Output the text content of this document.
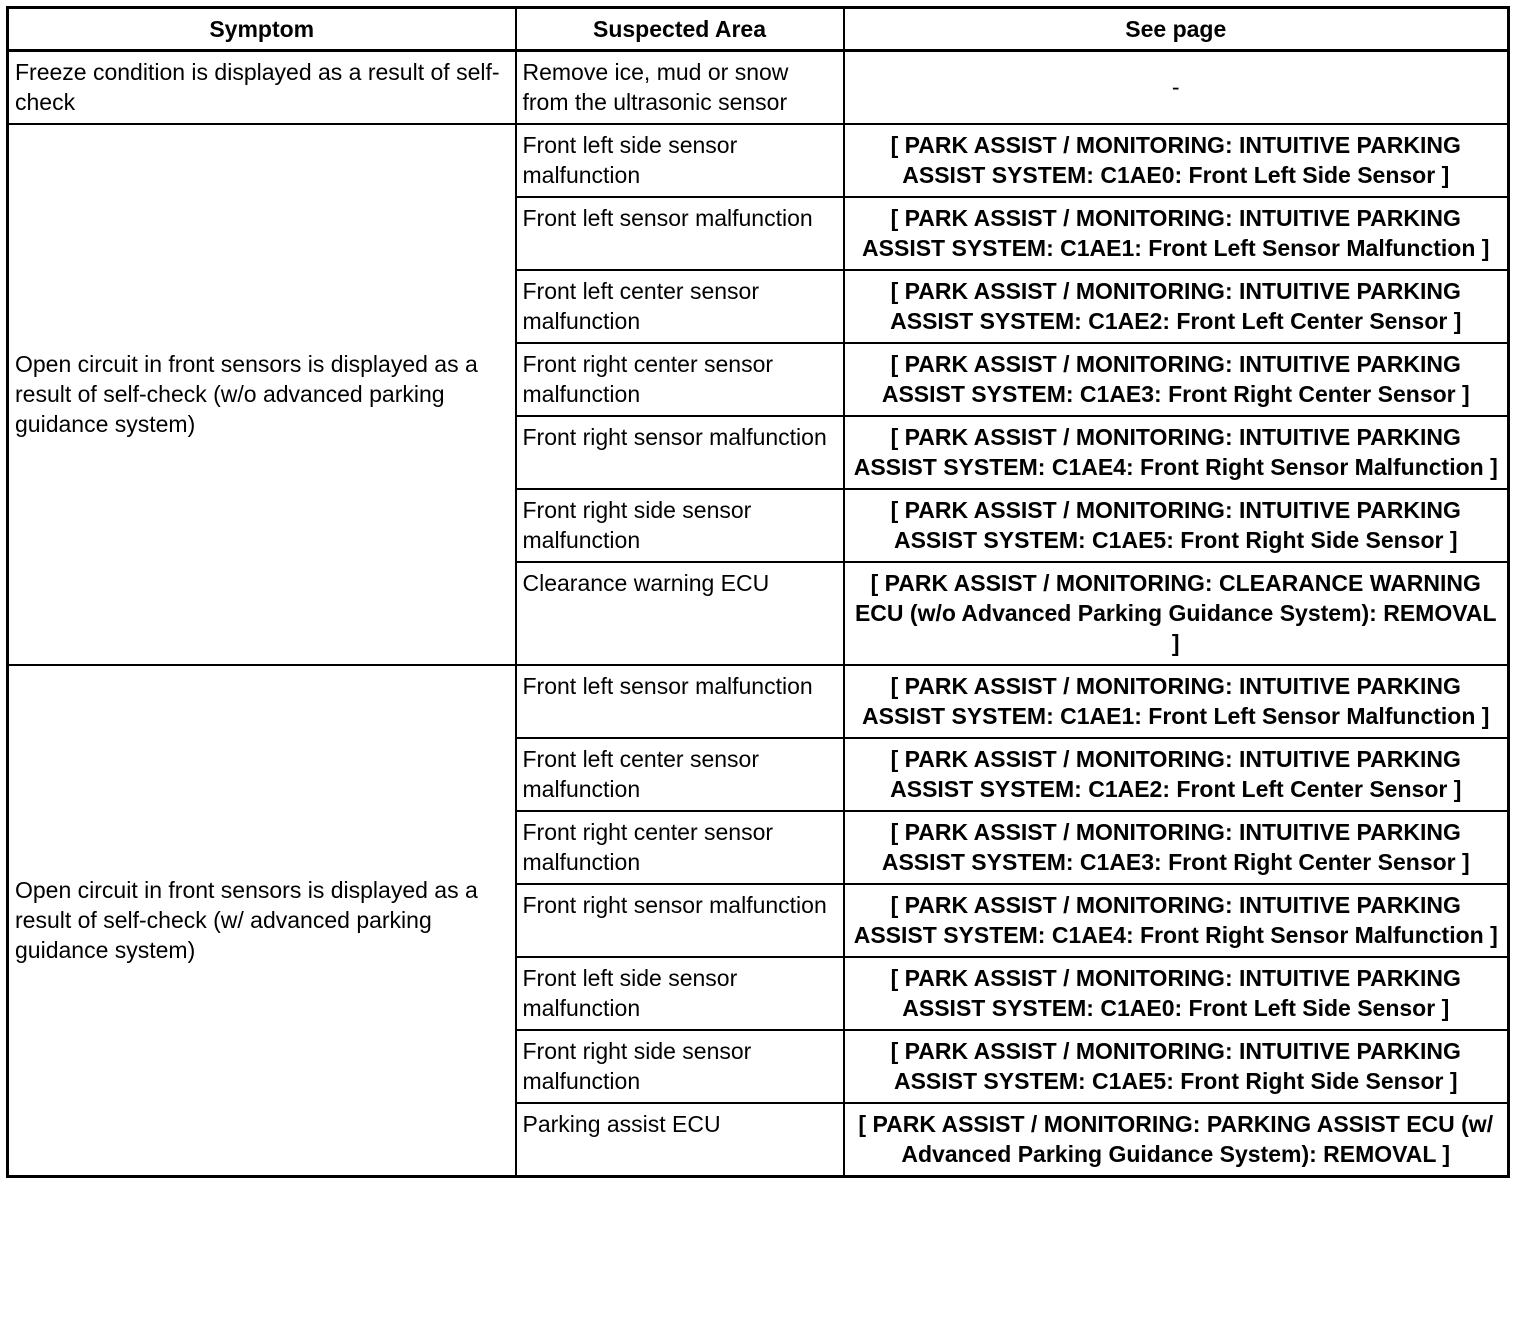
Symptom	Suspected Area	See page
Freeze condition is displayed as a result of self-check	Remove ice, mud or snow from the ultrasonic sensor	-
Open circuit in front sensors is displayed as a result of self-check (w/o advanced parking guidance system)	Front left side sensor malfunction	[ PARK ASSIST / MONITORING: INTUITIVE PARKING ASSIST SYSTEM: C1AE0: Front Left Side Sensor ]
	Front left sensor malfunction	[ PARK ASSIST / MONITORING: INTUITIVE PARKING ASSIST SYSTEM: C1AE1: Front Left Sensor Malfunction ]
	Front left center sensor malfunction	[ PARK ASSIST / MONITORING: INTUITIVE PARKING ASSIST SYSTEM: C1AE2: Front Left Center Sensor ]
	Front right center sensor malfunction	[ PARK ASSIST / MONITORING: INTUITIVE PARKING ASSIST SYSTEM: C1AE3: Front Right Center Sensor ]
	Front right sensor malfunction	[ PARK ASSIST / MONITORING: INTUITIVE PARKING ASSIST SYSTEM: C1AE4: Front Right Sensor Malfunction ]
	Front right side sensor malfunction	[ PARK ASSIST / MONITORING: INTUITIVE PARKING ASSIST SYSTEM: C1AE5: Front Right Side Sensor ]
	Clearance warning ECU	[ PARK ASSIST / MONITORING: CLEARANCE WARNING ECU (w/o Advanced Parking Guidance System): REMOVAL ]
Open circuit in front sensors is displayed as a result of self-check (w/ advanced parking guidance system)	Front left sensor malfunction	[ PARK ASSIST / MONITORING: INTUITIVE PARKING ASSIST SYSTEM: C1AE1: Front Left Sensor Malfunction ]
	Front left center sensor malfunction	[ PARK ASSIST / MONITORING: INTUITIVE PARKING ASSIST SYSTEM: C1AE2: Front Left Center Sensor ]
	Front right center sensor malfunction	[ PARK ASSIST / MONITORING: INTUITIVE PARKING ASSIST SYSTEM: C1AE3: Front Right Center Sensor ]
	Front right sensor malfunction	[ PARK ASSIST / MONITORING: INTUITIVE PARKING ASSIST SYSTEM: C1AE4: Front Right Sensor Malfunction ]
	Front left side sensor malfunction	[ PARK ASSIST / MONITORING: INTUITIVE PARKING ASSIST SYSTEM: C1AE0: Front Left Side Sensor ]
	Front right side sensor malfunction	[ PARK ASSIST / MONITORING: INTUITIVE PARKING ASSIST SYSTEM: C1AE5: Front Right Side Sensor ]
	Parking assist ECU	[ PARK ASSIST / MONITORING: PARKING ASSIST ECU (w/ Advanced Parking Guidance System): REMOVAL ]
